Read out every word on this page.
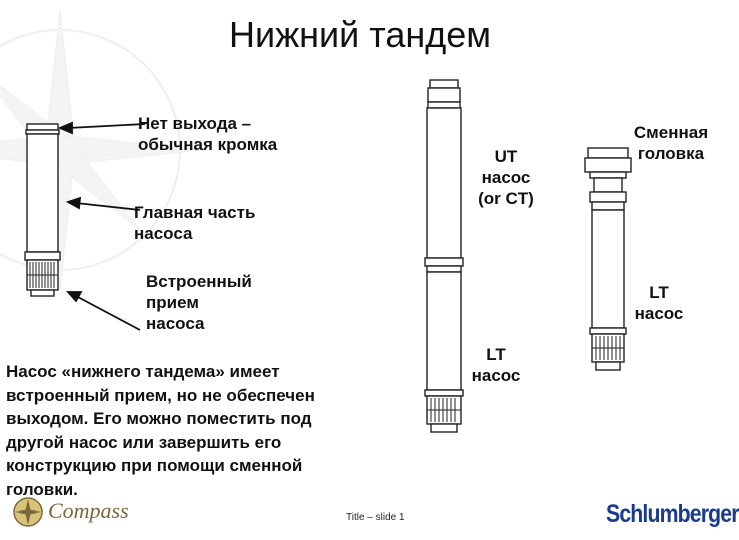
Нижний тандем
Нет выхода –
обычная кромка
Главная часть
насоса
Встроенный
прием
насоса
UT
насос
(or CT)
LT
насос
Сменная
головка
LT
насос
Насос «нижнего тандема» имеет встроенный прием, но не обеспечен выходом. Его можно поместить под другой насос или завершить его конструкцию при помощи сменной головки.
Compass	Title – slide 1	Schlumberger
